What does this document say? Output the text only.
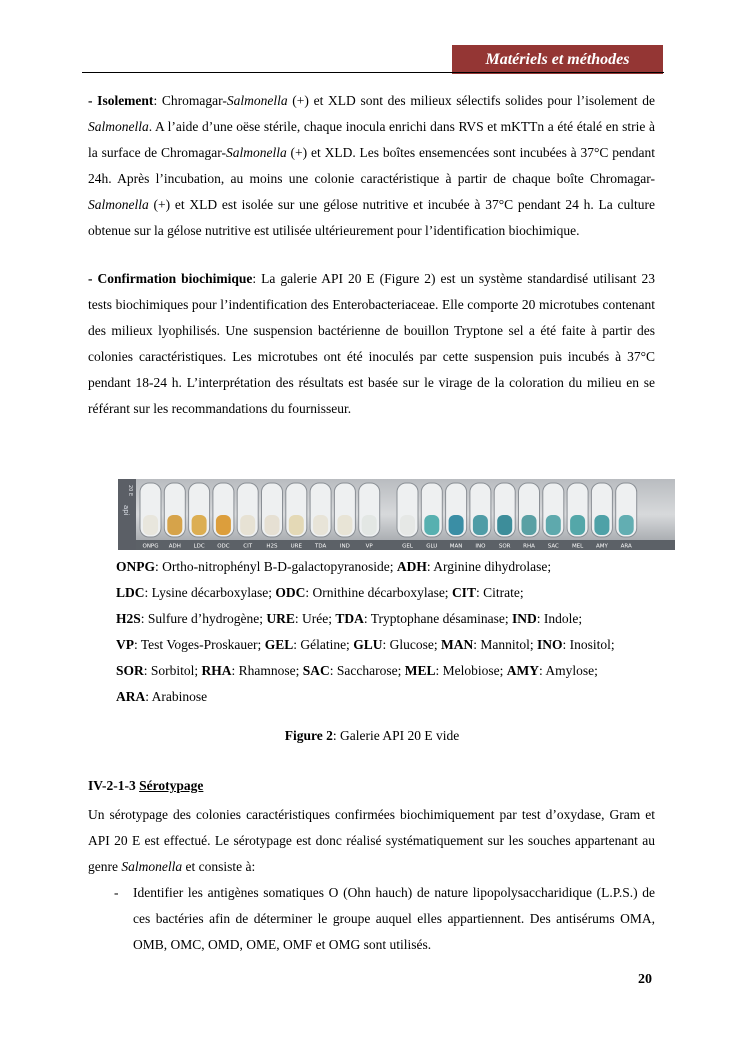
Matériels et méthodes

- Isolement: Chromagar-Salmonella (+) et XLD sont des milieux sélectifs solides pour l’isolement de Salmonella. A l’aide d’une oëse stérile, chaque inocula enrichi dans RVS et mKTTn a été étalé en strie à la surface de Chromagar-Salmonella (+) et XLD. Les boîtes ensemencées sont incubées à 37°C pendant 24h. Après l’incubation, au moins une colonie caractéristique à partir de chaque boîte Chromagar-Salmonella (+) et XLD est isolée sur une gélose nutritive et incubée à 37°C pendant 24 h. La culture obtenue sur la gélose nutritive est utilisée ultérieurement pour l’identification biochimique.

- Confirmation biochimique: La galerie API 20 E (Figure 2) est un système standardisé utilisant 23 tests biochimiques pour l’indentification des Enterobacteriaceae. Elle comporte 20 microtubes contenant des milieux lyophilisés. Une suspension bactérienne de bouillon Tryptone sel a été faite à partir des colonies caractéristiques. Les microtubes ont été inoculés par cette suspension puis incubés à 37°C pendant 18-24 h. L’interprétation des résultats est basée sur le virage de la coloration du milieu en se référant sur les recommandations du fournisseur.

api
20 E
ONPG ADH LDC ODC CIT	H2S URE TDA IND	VP	GEL GLU MAN INO SOR RHA SAC MEL AMY ARA
ONPG: Ortho‑nitrophényl B‑D‑galactopyranoside; ADH: Arginine dihydrolase;
LDC: Lysine décarboxylase; ODC: Ornithine décarboxylase; CIT: Citrate;
H2S: Sulfure d’hydrogène; URE: Urée; TDA: Tryptophane désaminase; IND: Indole;
VP: Test Voges‑Proskauer; GEL: Gélatine; GLU: Glucose; MAN: Mannitol; INO: Inositol;
SOR: Sorbitol; RHA: Rhamnose; SAC: Saccharose; MEL: Melobiose; AMY: Amylose;
ARA: Arabinose
Figure 2: Galerie API 20 E vide
IV-2-1-3 Sérotypage

Un sérotypage des colonies caractéristiques confirmées biochimiquement par test d’oxydase, Gram et API 20 E est effectué. Le sérotypage est donc réalisé systématiquement sur les souches appartenant au genre Salmonella et consiste à:

- Identifier les antigènes somatiques O (Ohn hauch) de nature lipopolysaccharidique (L.P.S.) de ces bactéries afin de déterminer le groupe auquel elles appartiennent. Des antisérums OMA, OMB, OMC, OMD, OME, OMF et OMG sont utilisés.
20
